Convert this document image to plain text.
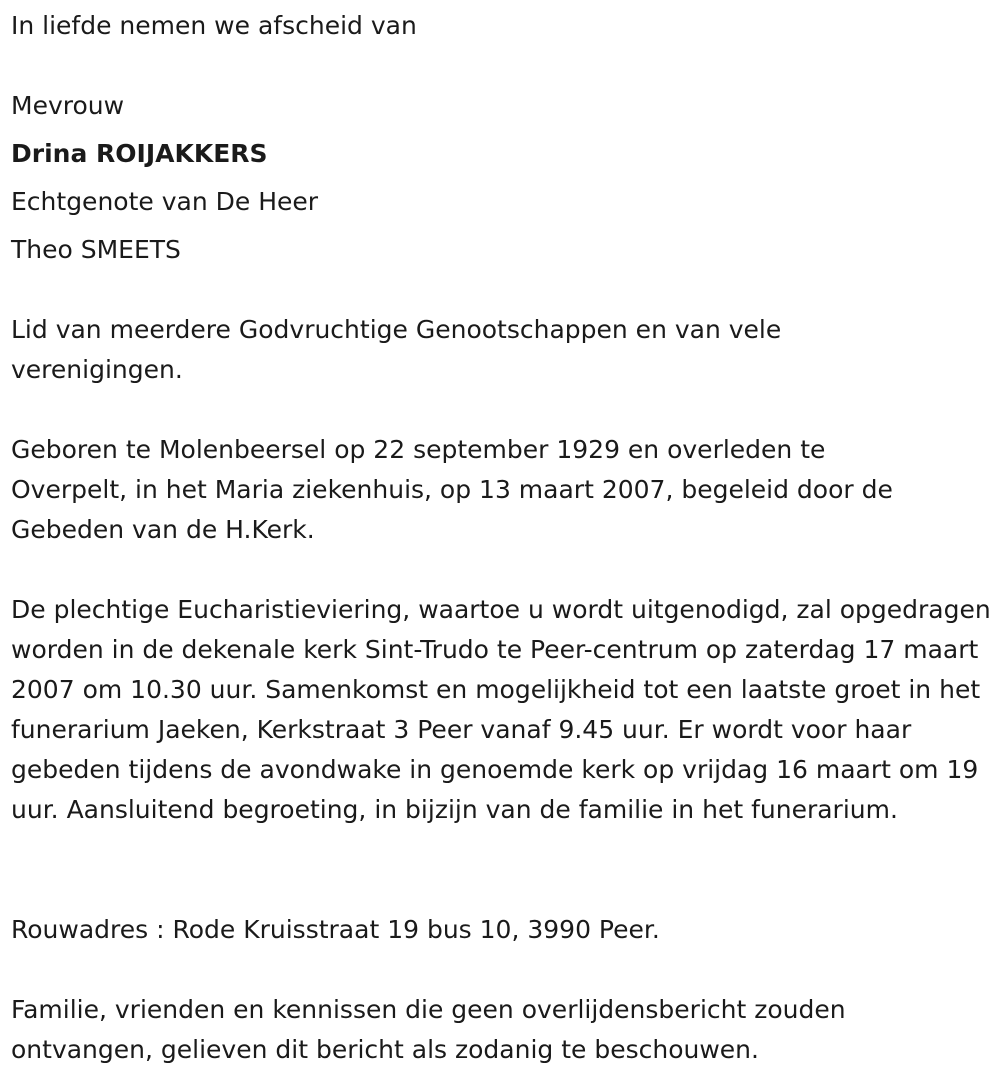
In liefde nemen we afscheid van

Mevrouw

Drina ROIJAKKERS

Echtgenote van De Heer

Theo SMEETS

Lid van meerdere Godvruchtige Genootschappen en van vele verenigingen.

Geboren te Molenbeersel op 22 september 1929 en overleden te Overpelt, in het Maria ziekenhuis, op 13 maart 2007, begeleid door de Gebeden van de H.Kerk.

De plechtige Eucharistieviering, waartoe u wordt uitgenodigd, zal opgedragen worden in de dekenale kerk Sint-Trudo te Peer-centrum op zaterdag 17 maart 2007 om 10.30 uur. Samenkomst en mogelijkheid tot een laatste groet in het funerarium Jaeken, Kerkstraat 3 Peer vanaf 9.45 uur. Er wordt voor haar gebeden tijdens de avondwake in genoemde kerk op vrijdag 16 maart om 19 uur. Aansluitend begroeting, in bijzijn van de familie in het funerarium.

Rouwadres : Rode Kruisstraat 19 bus 10, 3990 Peer.

Familie, vrienden en kennissen die geen overlijdensbericht zouden ontvangen, gelieven dit bericht als zodanig te beschouwen.
